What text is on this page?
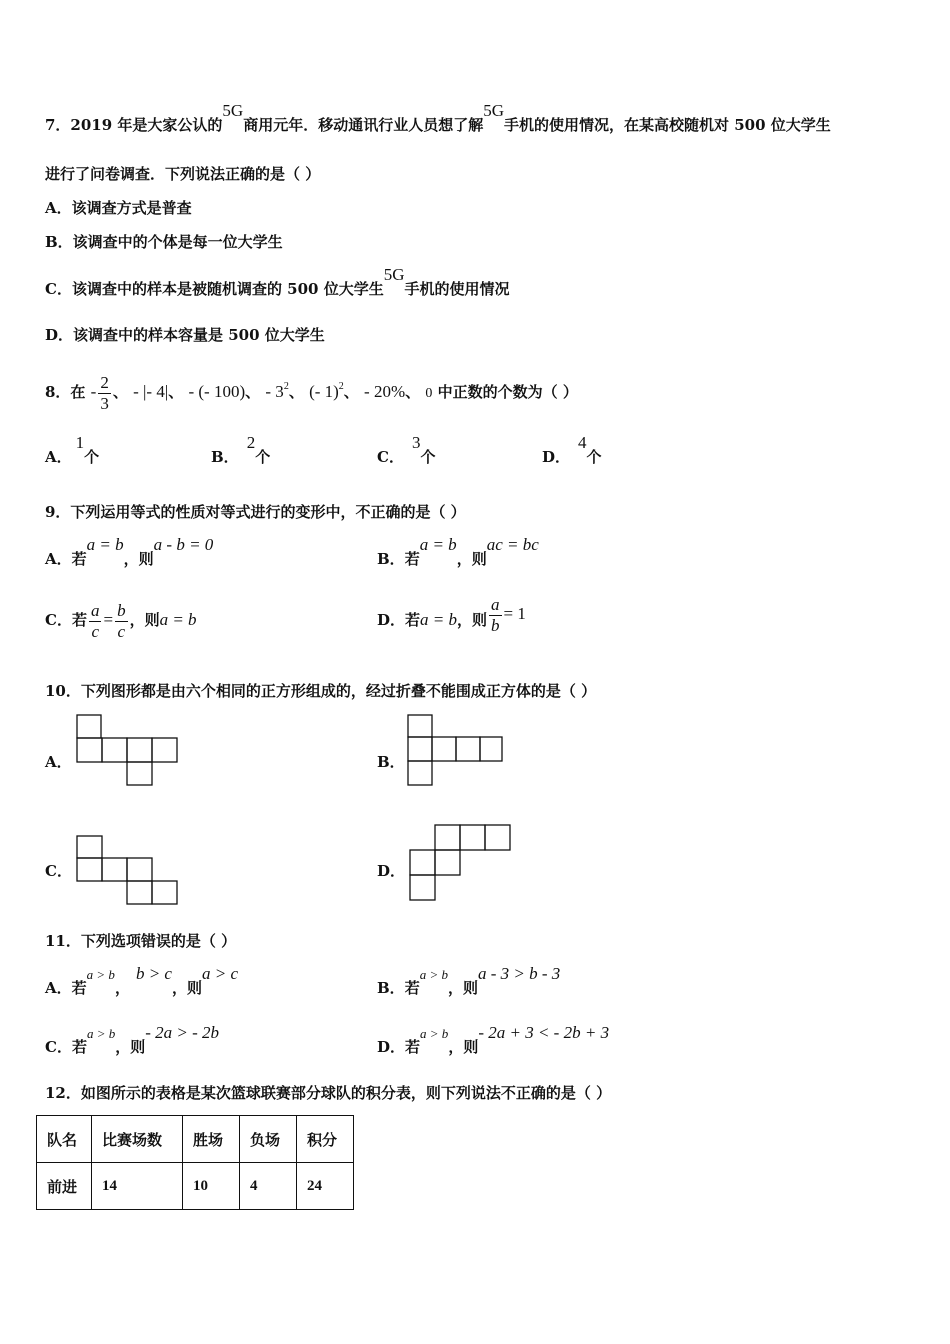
7．2019 年是大家公认的5G商用元年．移动通讯行业人员想了解5G手机的使用情况，在某高校随机对 500 位大学生
进行了问卷调查．下列说法正确的是（ ）
A．该调查方式是普查
B．该调查中的个体是每一位大学生
C．该调查中的样本是被随机调查的 500 位大学生5G手机的使用情况
D．该调查中的样本容量是 500 位大学生
8．在 - $\frac{2}{3}$ 、 - |- 4|、 - (- 100)、 - $3^2$、 (- 1)$^2$、 - 20%、 0 中正数的个数为（ ）
A．1个	B．2个	C．3个	D．4个
9．下列运用等式的性质对等式进行的变形中，不正确的是（ ）
A．若a = b，则a - b = 0
B．若a = b，则ac = bc
C．若 $\frac{a}{c} = \frac{b}{c}$ ，则a = b	D．若a = b，则 $\frac{a}{b} = 1$
10．下列图形都是由六个相同的正方形组成的，经过折叠不能围成正方体的是（ ）
A．	B．
C．	D．
11．下列选项错误的是（ ）
A．若a > b，b > c，则a > c
B．若a > b，则a - 3 > b - 3
C．若a > b，则- 2a > - 2b
D．若a > b，则- 2a + 3 < - 2b + 3
12．如图所示的表格是某次篮球联赛部分球队的积分表，则下列说法不正确的是（ ）
队名	比赛场数	胜场	负场	积分
前进	14	10	4	24
